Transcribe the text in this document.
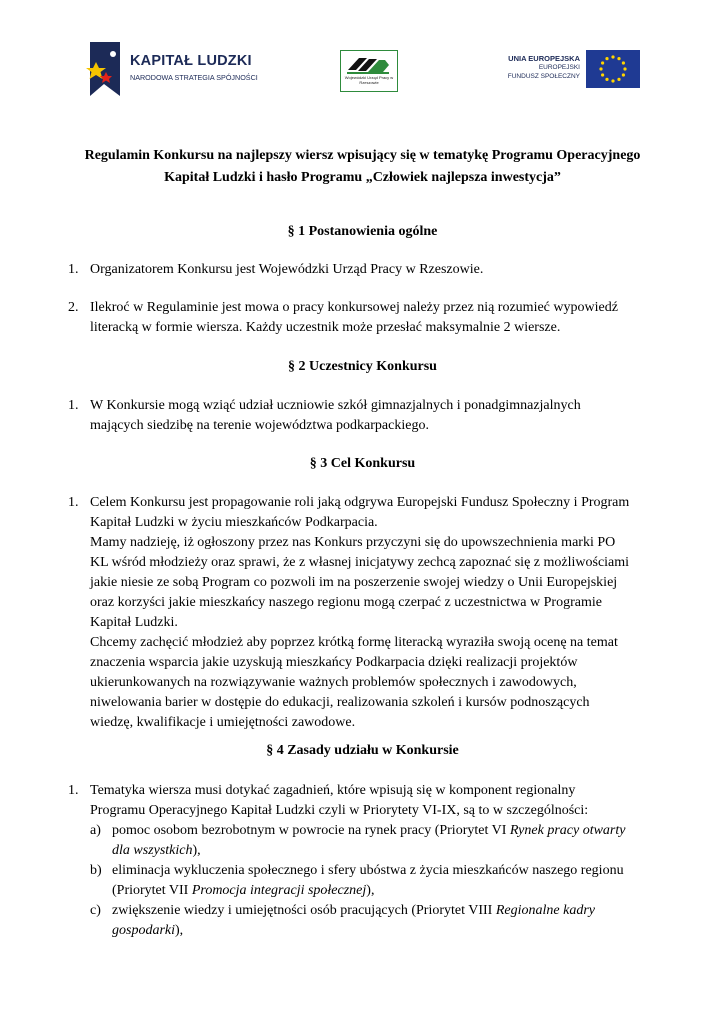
KAPITAŁ LUDZKI
NARODOWA STRATEGIA SPÓJNOŚCI	Wojewódzki Urząd Pracy w Rzeszowie
UNIA EUROPEJSKA
EUROPEJSKI
FUNDUSZ SPOŁECZNY
Regulamin Konkursu na najlepszy wiersz wpisujący się w tematykę Programu Operacyjnego
Kapitał Ludzki i hasło Programu „Człowiek najlepsza inwestycja”
§ 1 Postanowienia ogólne
1. Organizatorem Konkursu jest Wojewódzki Urząd Pracy w Rzeszowie.
2. Ilekroć w Regulaminie jest mowa o pracy konkursowej należy przez nią rozumieć wypowiedź
literacką w formie wiersza. Każdy uczestnik może przesłać maksymalnie 2 wiersze.
§ 2 Uczestnicy Konkursu
1. W Konkursie mogą wziąć udział uczniowie szkół gimnazjalnych i ponadgimnazjalnych
mających siedzibę na terenie województwa podkarpackiego.
§ 3 Cel Konkursu
1. Celem Konkursu jest propagowanie roli jaką odgrywa Europejski Fundusz Społeczny i Program
Kapitał Ludzki w życiu mieszkańców Podkarpacia.
Mamy nadzieję, iż ogłoszony przez nas Konkurs przyczyni się do upowszechnienia marki PO
KL wśród młodzieży oraz sprawi, że z własnej inicjatywy zechcą zapoznać się z możliwościami
jakie niesie ze sobą Program co pozwoli im na poszerzenie swojej wiedzy o Unii Europejskiej
oraz korzyści jakie mieszkańcy naszego regionu mogą czerpać z uczestnictwa w Programie
Kapitał Ludzki.
Chcemy zachęcić młodzież aby poprzez krótką formę literacką wyraziła swoją ocenę na temat
znaczenia wsparcia jakie uzyskują mieszkańcy Podkarpacia dzięki realizacji projektów
ukierunkowanych na rozwiązywanie ważnych problemów społecznych i zawodowych,
niwelowania barier w dostępie do edukacji, realizowania szkoleń i kursów podnoszących
wiedzę, kwalifikacje i umiejętności zawodowe.
§ 4 Zasady udziału w Konkursie
1. Tematyka wiersza musi dotykać zagadnień, które wpisują się w komponent regionalny
Programu Operacyjnego Kapitał Ludzki czyli w Priorytety VI-IX, są to w szczególności:
a) pomoc osobom bezrobotnym w powrocie na rynek pracy (Priorytet VI Rynek pracy otwarty
dla wszystkich),
b) eliminacja wykluczenia społecznego i sfery ubóstwa z życia mieszkańców naszego regionu
(Priorytet VII Promocja integracji społecznej),
c) zwiększenie wiedzy i umiejętności osób pracujących (Priorytet VIII Regionalne kadry
gospodarki),
